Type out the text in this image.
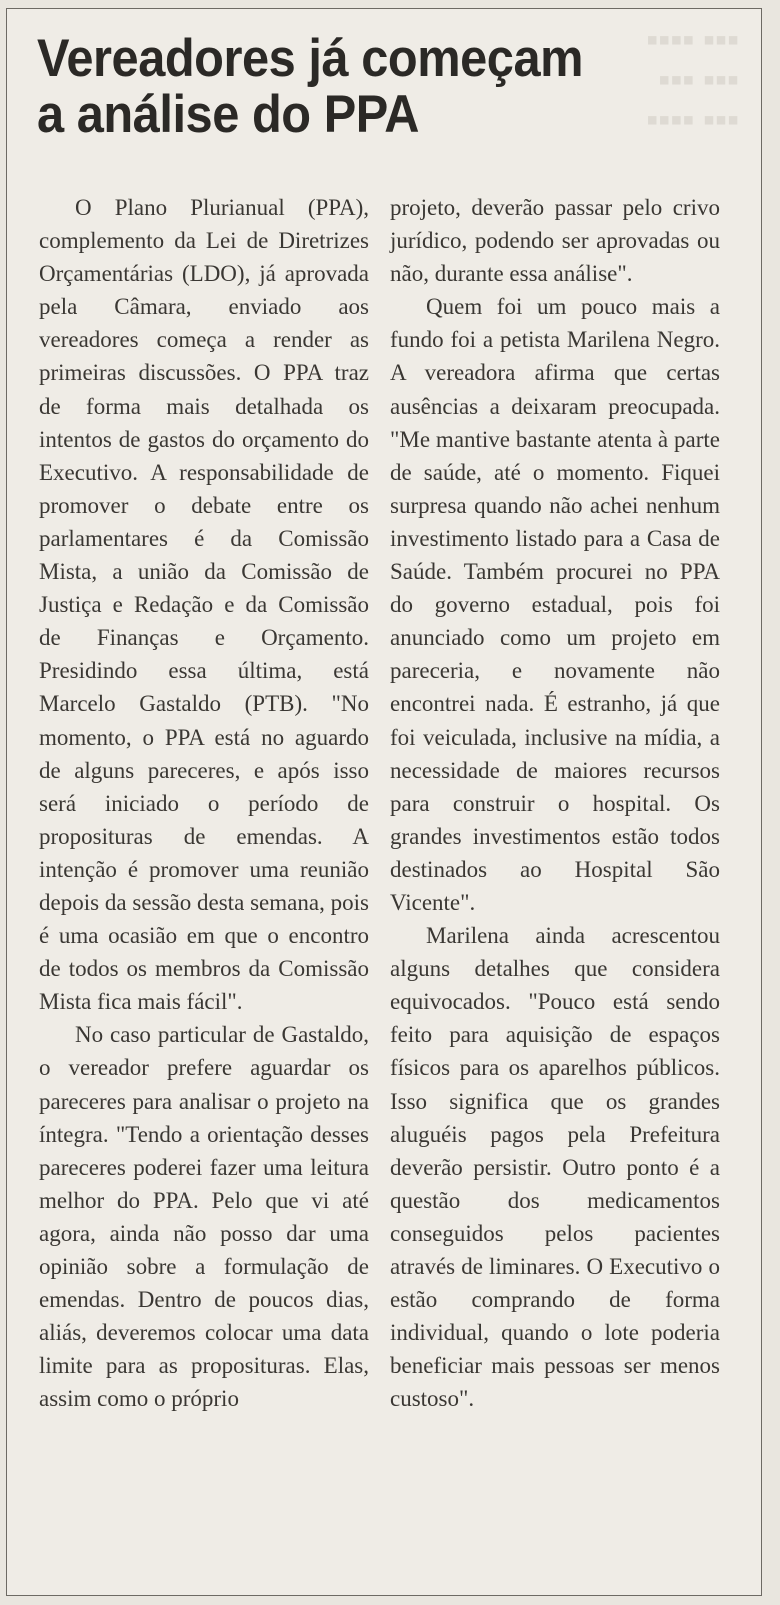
▪▪▪▪ ▪▪▪
▪▪▪ ▪▪▪
▪▪▪▪ ▪▪▪
Vereadores já começam a análise do PPA

O Plano Plurianual (PPA), complemento da Lei de Diretrizes Orçamentárias (LDO), já aprovada pela Câmara, enviado aos vereadores começa a render as primeiras discussões. O PPA traz de forma mais detalhada os intentos de gastos do orçamento do Executivo. A responsabilidade de promover o debate entre os parlamentares é da Comissão Mista, a união da Comissão de Justiça e Redação e da Comissão de Finanças e Orçamento. Presidindo essa última, está Marcelo Gastaldo (PTB). "No momento, o PPA está no aguardo de alguns pareceres, e após isso será iniciado o período de proposituras de emendas. A intenção é promover uma reunião depois da sessão desta semana, pois é uma ocasião em que o encontro de todos os membros da Comissão Mista fica mais fácil".

No caso particular de Gastaldo, o vereador prefere aguardar os pareceres para analisar o projeto na íntegra. "Tendo a orientação desses pareceres poderei fazer uma leitura melhor do PPA. Pelo que vi até agora, ainda não posso dar uma opinião sobre a formulação de emendas. Dentro de poucos dias, aliás, deveremos colocar uma data limite para as proposituras. Elas, assim como o próprio

projeto, deverão passar pelo crivo jurídico, podendo ser aprovadas ou não, durante essa análise".

Quem foi um pouco mais a fundo foi a petista Marilena Negro. A vereadora afirma que certas ausências a deixaram preocupada. "Me mantive bastante atenta à parte de saúde, até o momento. Fiquei surpresa quando não achei nenhum investimento listado para a Casa de Saúde. Também procurei no PPA do governo estadual, pois foi anunciado como um projeto em pareceria, e novamente não encontrei nada. É estranho, já que foi veiculada, inclusive na mídia, a necessidade de maiores recursos para construir o hospital. Os grandes investimentos estão todos destinados ao Hospital São Vicente".

Marilena ainda acrescentou alguns detalhes que considera equivocados. "Pouco está sendo feito para aquisição de espaços físicos para os aparelhos públicos. Isso significa que os grandes aluguéis pagos pela Prefeitura deverão persistir. Outro ponto é a questão dos medicamentos conseguidos pelos pacientes através de liminares. O Executivo o estão comprando de forma individual, quando o lote poderia beneficiar mais pessoas ser menos custoso".
